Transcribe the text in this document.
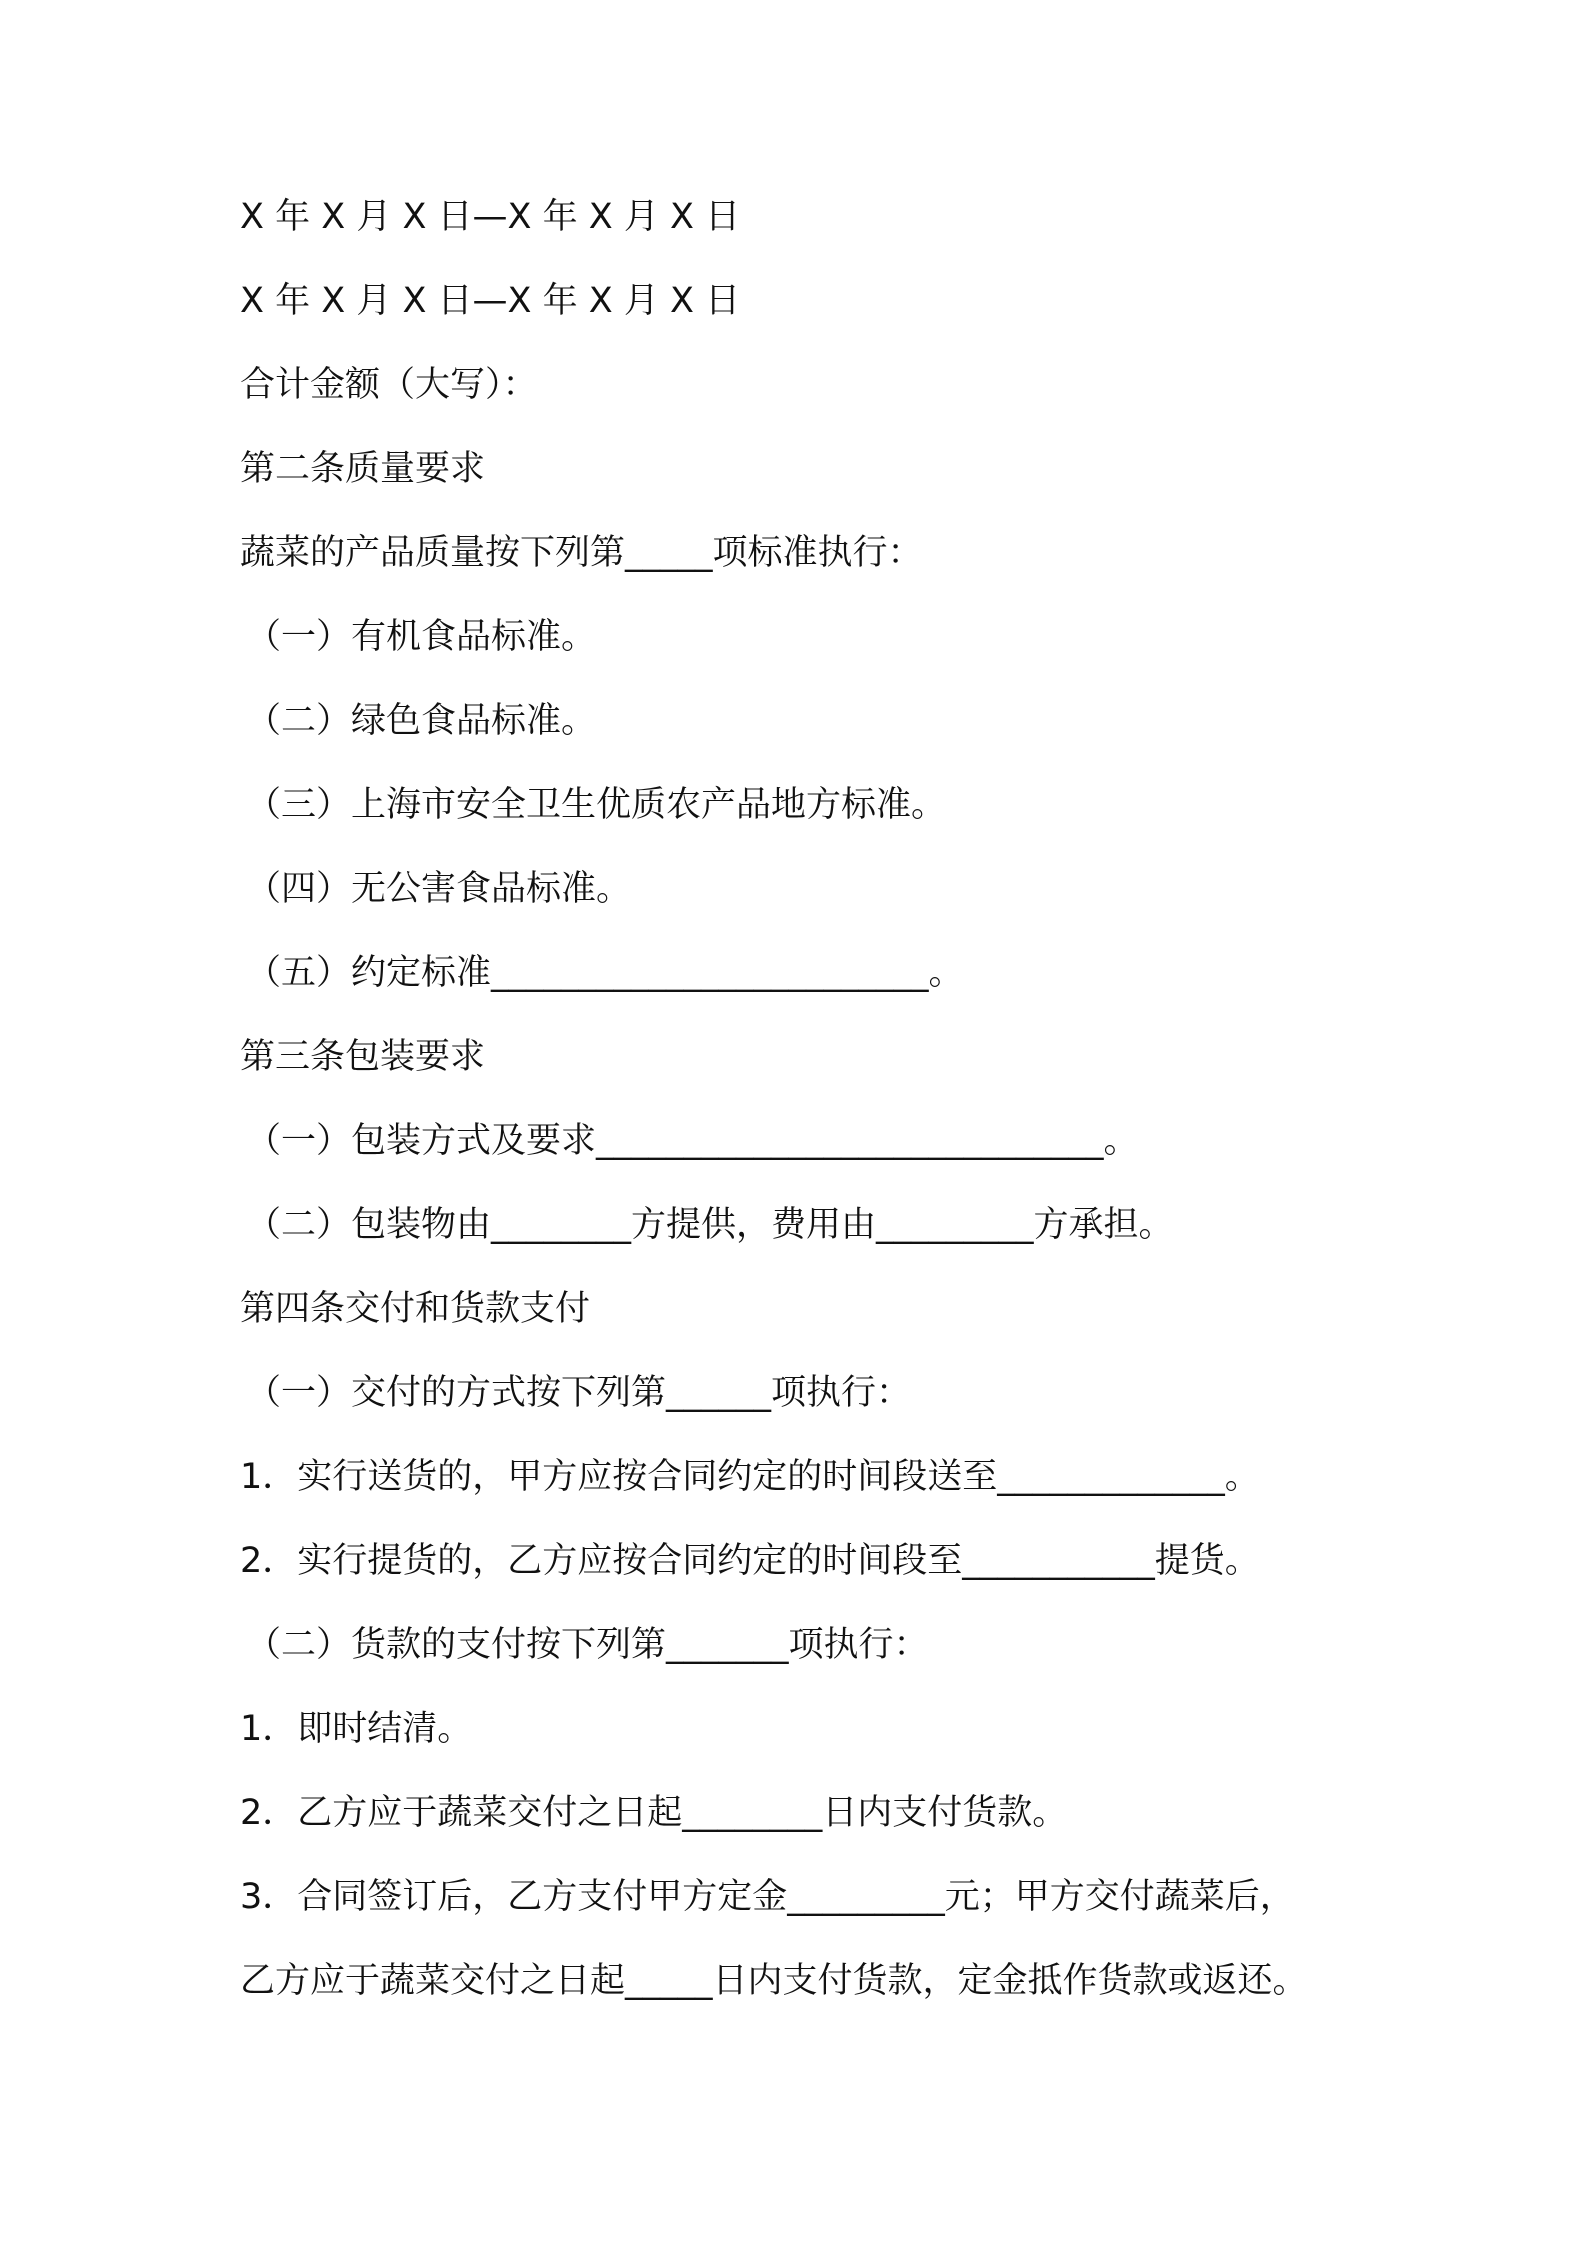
X 年 X 月 X 日—X 年 X 月 X 日
X 年 X 月 X 日—X 年 X 月 X 日
合计金额（大写）：
第二条质量要求
蔬菜的产品质量按下列第_____项标准执行：
（一）有机食品标准。
（二）绿色食品标准。
（三）上海市安全卫生优质农产品地方标准。
（四）无公害食品标准。
（五）约定标准_________________________。
第三条包装要求
（一）包装方式及要求_____________________________。
（二）包装物由________方提供，费用由_________方承担。
第四条交付和货款支付
（一）交付的方式按下列第______项执行：
1．实行送货的，甲方应按合同约定的时间段送至_____________。
2．实行提货的，乙方应按合同约定的时间段至___________提货。
（二）货款的支付按下列第_______项执行：
1．即时结清。
2．乙方应于蔬菜交付之日起________日内支付货款。
3．合同签订后，乙方支付甲方定金_________元；甲方交付蔬菜后，
乙方应于蔬菜交付之日起_____日内支付货款，定金抵作货款或返还。
